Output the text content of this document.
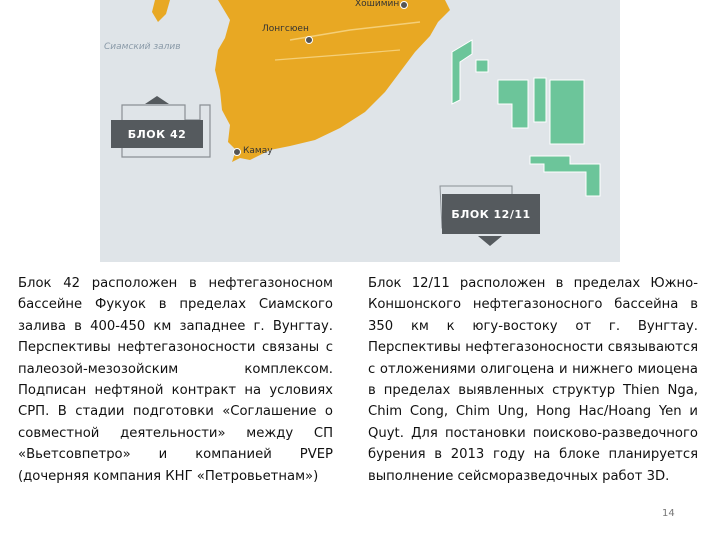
Сиамский залив
Хошимин
Лонгсюен
Камау
БЛОК 42
БЛОК 12/11
Блок 42 расположен в нефтегазоносном бассейне Фукуок в пределах Сиамского залива в 400-450 км западнее г. Вунгтау. Перспективы нефтегазоносности связаны с палеозой-мезозойским комплексом. Подписан нефтяной контракт на условиях СРП. В стадии подготовки «Соглашение о совместной деятельности» между СП «Вьетсовпетро» и компанией PVEP (дочерняя компания КНГ «Петровьетнам»)
Блок 12/11 расположен в пределах Южно-Коншонского нефтегазоносного бассейна в 350 км к югу-востоку от г. Вунгтау. Перспективы нефтегазоносности связываются с отложениями олигоцена и нижнего миоцена в пределах выявленных структур Thien Nga, Chim Cong, Chim Ung, Hong Hac/Hoang Yen и Quyt. Для постановки поисково-разведочного бурения в 2013 году на блоке планируется выполнение сейсморазведочных работ 3D.
14
